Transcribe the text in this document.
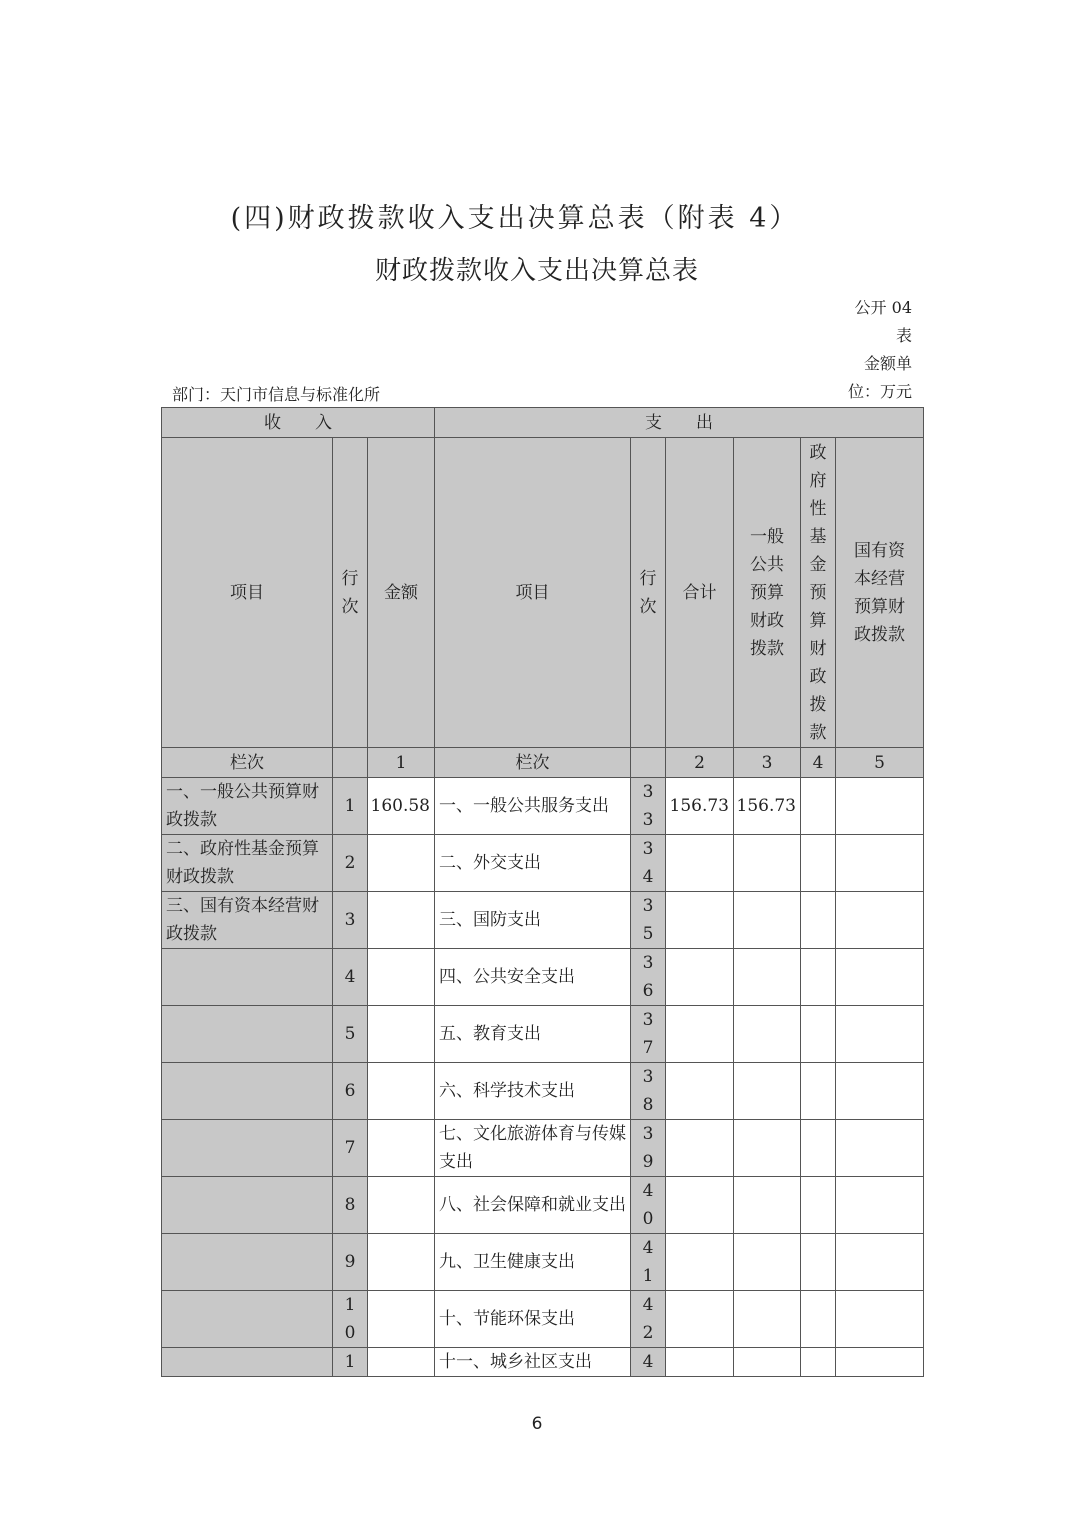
(四)财政拨款收入支出决算总表（附表 4）
财政拨款收入支出决算总表
公开 04
表
金额单
位：万元
部门：天门市信息与标准化所
收　　入			支　　出					
项目	行次	金额	项目	行次	合计	一般公共预算财政拨款	政府性基金预算财政拨款	国有资本经营预算财政拨款
栏次		1	栏次		2	3	4	5
一、一般公共预算财政拨款	1	160.58	一、一般公共服务支出	33	156.73	156.73		
二、政府性基金预算财政拨款	2		二、外交支出	34				
三、国有资本经营财政拨款	3		三、国防支出	35				
	4		四、公共安全支出	36				
	5		五、教育支出	37				
	6		六、科学技术支出	38				
	7		七、文化旅游体育与传媒支出	39				
	8		八、社会保障和就业支出	40				
	9		九、卫生健康支出	41				
	10		十、节能环保支出	42				
	1		十一、城乡社区支出	4				
6
